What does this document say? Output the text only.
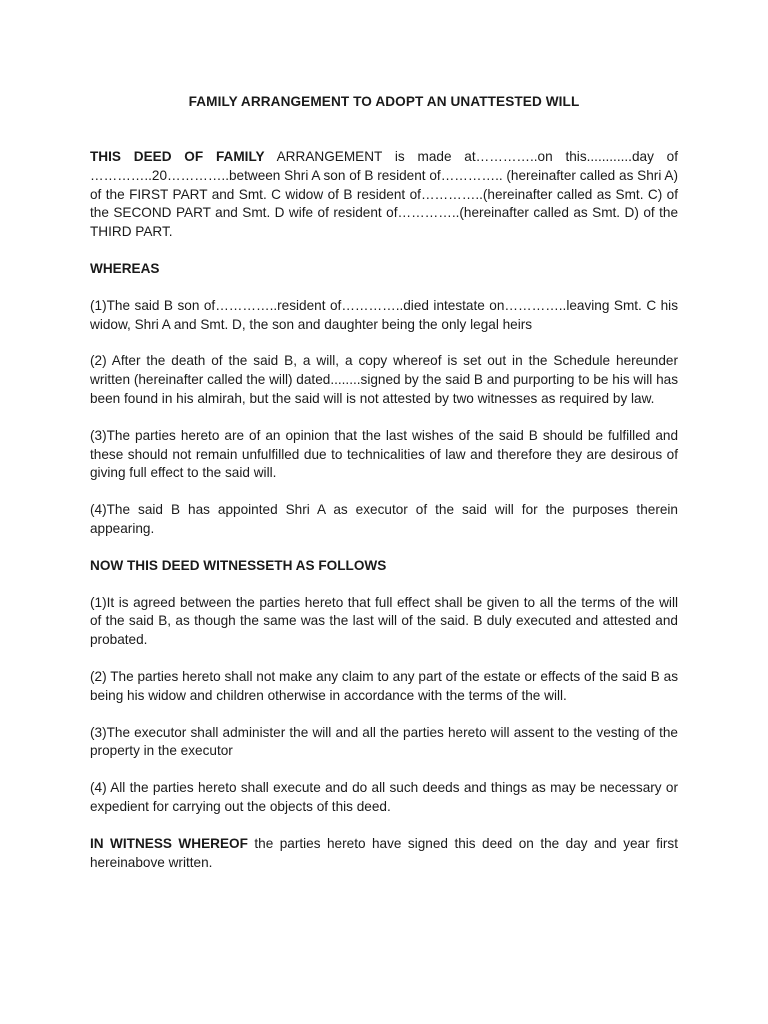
FAMILY ARRANGEMENT TO ADOPT AN UNATTESTED WILL

THIS DEED OF FAMILY ARRANGEMENT is made at…………..on this............day of …………..20…………..between Shri A son of B resident of………….. (hereinafter called as Shri A) of the FIRST PART and Smt. C widow of B resident of…………..(hereinafter called as Smt. C) of the SECOND PART and Smt. D wife of resident of…………..(hereinafter called as Smt. D) of the THIRD PART.

WHEREAS

(1)The said B son of…………..resident of…………..died intestate on…………..leaving Smt. C his widow, Shri A and Smt. D, the son and daughter being the only legal heirs

(2) After the death of the said B, a will, a copy whereof is set out in the Schedule hereunder written (hereinafter called the will) dated........signed by the said B and purporting to be his will has been found in his almirah, but the said will is not attested by two witnesses as required by law.

(3)The parties hereto are of an opinion that the last wishes of the said B should be fulfilled and these should not remain unfulfilled due to technicalities of law and therefore they are desirous of giving full effect to the said will.

(4)The said B has appointed Shri A as executor of the said will for the purposes therein appearing.

NOW THIS DEED WITNESSETH AS FOLLOWS

(1)It is agreed between the parties hereto that full effect shall be given to all the terms of the will of the said B, as though the same was the last will of the said. B duly executed and attested and probated.

(2) The parties hereto shall not make any claim to any part of the estate or effects of the said B as being his widow and children otherwise in accordance with the terms of the will.

(3)The executor shall administer the will and all the parties hereto will assent to the vesting of the property in the executor

(4) All the parties hereto shall execute and do all such deeds and things as may be necessary or expedient for carrying out the objects of this deed.

IN WITNESS WHEREOF the parties hereto have signed this deed on the day and year first hereinabove written.
